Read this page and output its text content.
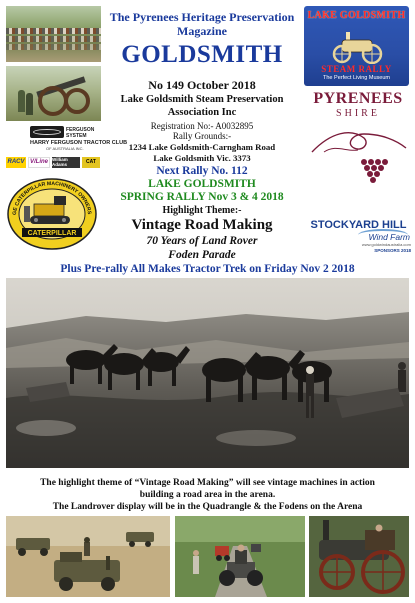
FERGUSON SYSTEM
HARRY FERGUSON TRACTOR CLUB
OF AUSTRALIA INC.
RACV V/Line William Adams	CAT
GE CATERPILLAR MACHINERY OWNERS
CATERPILLAR
The Pyrenees Heritage Preservation
Magazine
GOLDSMITH
No 149 October 2018
Lake Goldsmith Steam Preservation
Association Inc
Registration No:- A0032895
Rally Grounds:-
1234 Lake Goldsmith-Carngham Road
Lake Goldsmith Vic. 3373
Next Rally No. 112
LAKE GOLDSMITH
SPRING RALLY Nov 3 & 4 2018
Highlight Theme:-
Vintage Road Making
70 Years of Land Rover
Foden Parade
Plus Pre-rally All Makes Tractor Trek on Friday Nov 2 2018
LAKE GOLDSMITH
STEAM RALLY
The Perfect Living Museum
PYRENEES
SHIRE
STOCKYARD HILL
Wind Farm
www.goldwindaustralia.com
SPONSORS 2018
The highlight theme of “Vintage Road Making” will see vintage machines in action
building a road area in the arena.
The Landrover display will be in the Quadrangle & the Fodens on the Arena
